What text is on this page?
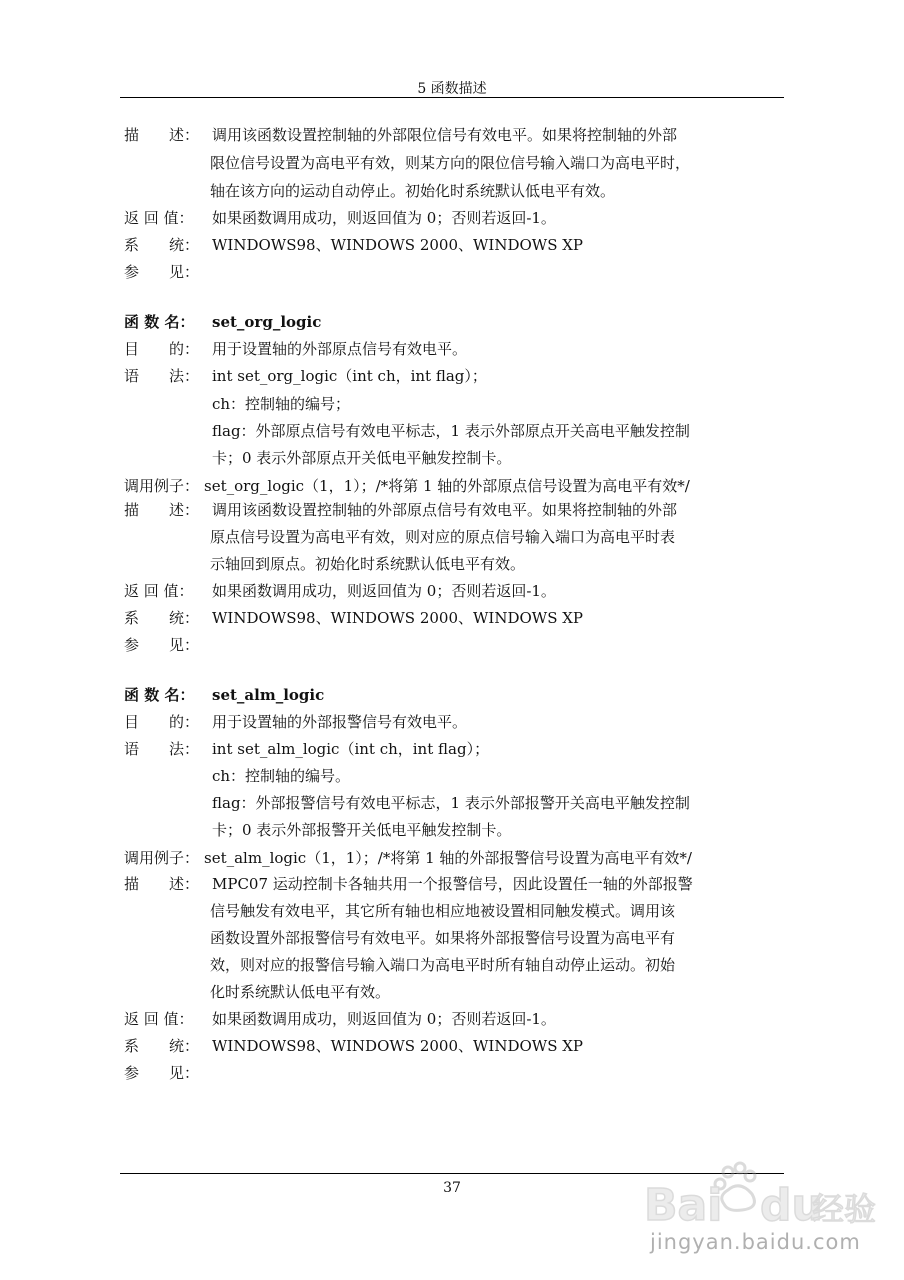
5 函数描述
描　　述： 调用该函数设置控制轴的外部限位信号有效电平。如果将控制轴的外部
限位信号设置为高电平有效，则某方向的限位信号输入端口为高电平时，
轴在该方向的运动自动停止。初始化时系统默认低电平有效。
返 回 值： 如果函数调用成功，则返回值为 0；否则若返回-1。
系　　统： WINDOWS98、WINDOWS 2000、WINDOWS XP
参　　见：
函 数 名： set_org_logic
目　　的： 用于设置轴的外部原点信号有效电平。
语　　法： int set_org_logic（int ch，int flag）；
ch：控制轴的编号；
flag：外部原点信号有效电平标志，1 表示外部原点开关高电平触发控制
卡；0 表示外部原点开关低电平触发控制卡。
调用例子： set_org_logic（1，1）；/*将第 1 轴的外部原点信号设置为高电平有效*/
描　　述： 调用该函数设置控制轴的外部原点信号有效电平。如果将控制轴的外部
原点信号设置为高电平有效，则对应的原点信号输入端口为高电平时表
示轴回到原点。初始化时系统默认低电平有效。
返 回 值： 如果函数调用成功，则返回值为 0；否则若返回-1。
系　　统： WINDOWS98、WINDOWS 2000、WINDOWS XP
参　　见：
函 数 名： set_alm_logic
目　　的： 用于设置轴的外部报警信号有效电平。
语　　法： int set_alm_logic（int ch，int flag）；
ch：控制轴的编号。
flag：外部报警信号有效电平标志，1 表示外部报警开关高电平触发控制
卡；0 表示外部报警开关低电平触发控制卡。
调用例子： set_alm_logic（1，1）；/*将第 1 轴的外部报警信号设置为高电平有效*/
描　　述： MPC07 运动控制卡各轴共用一个报警信号，因此设置任一轴的外部报警
信号触发有效电平，其它所有轴也相应地被设置相同触发模式。调用该
函数设置外部报警信号有效电平。如果将外部报警信号设置为高电平有
效，则对应的报警信号输入端口为高电平时所有轴自动停止运动。初始
化时系统默认低电平有效。
返 回 值： 如果函数调用成功，则返回值为 0；否则若返回-1。
系　　统： WINDOWS98、WINDOWS 2000、WINDOWS XP
参　　见：
37	Bai du
经验
jingyan.baidu.com
